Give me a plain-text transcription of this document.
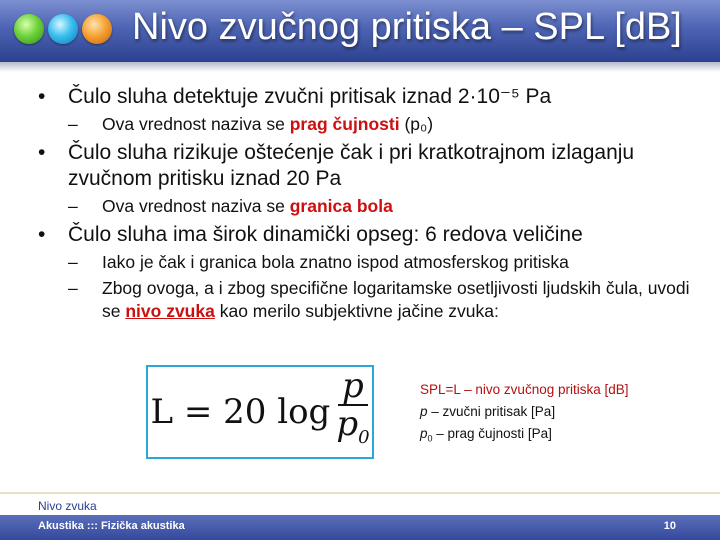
Nivo zvučnog pritiska – SPL [dB]
• Čulo sluha detektuje zvučni pritisak iznad 2·10⁻⁵ Pa
– Ova vrednost naziva se prag čujnosti (p₀)
• Čulo sluha rizikuje oštećenje čak i pri kratkotrajnom izlaganju zvučnom pritisku iznad 20 Pa
– Ova vrednost naziva se granica bola
• Čulo sluha ima širok dinamički opseg: 6 redova veličine
– Iako je čak i granica bola znatno ispod atmosferskog pritiska
– Zbog ovoga, a i zbog specifične logaritamske osetljivosti ljudskih čula, uvodi se nivo zvuka kao merilo subjektivne jačine zvuka:
L = 20 $\log \frac{p}{p_0}$	SPL=L – nivo zvučnog pritiska [dB]
p – zvučni pritisak [Pa]
$p_0$ – prag čujnosti [Pa]
Nivo zvuka
Akustika ::: Fizička akustika	10
